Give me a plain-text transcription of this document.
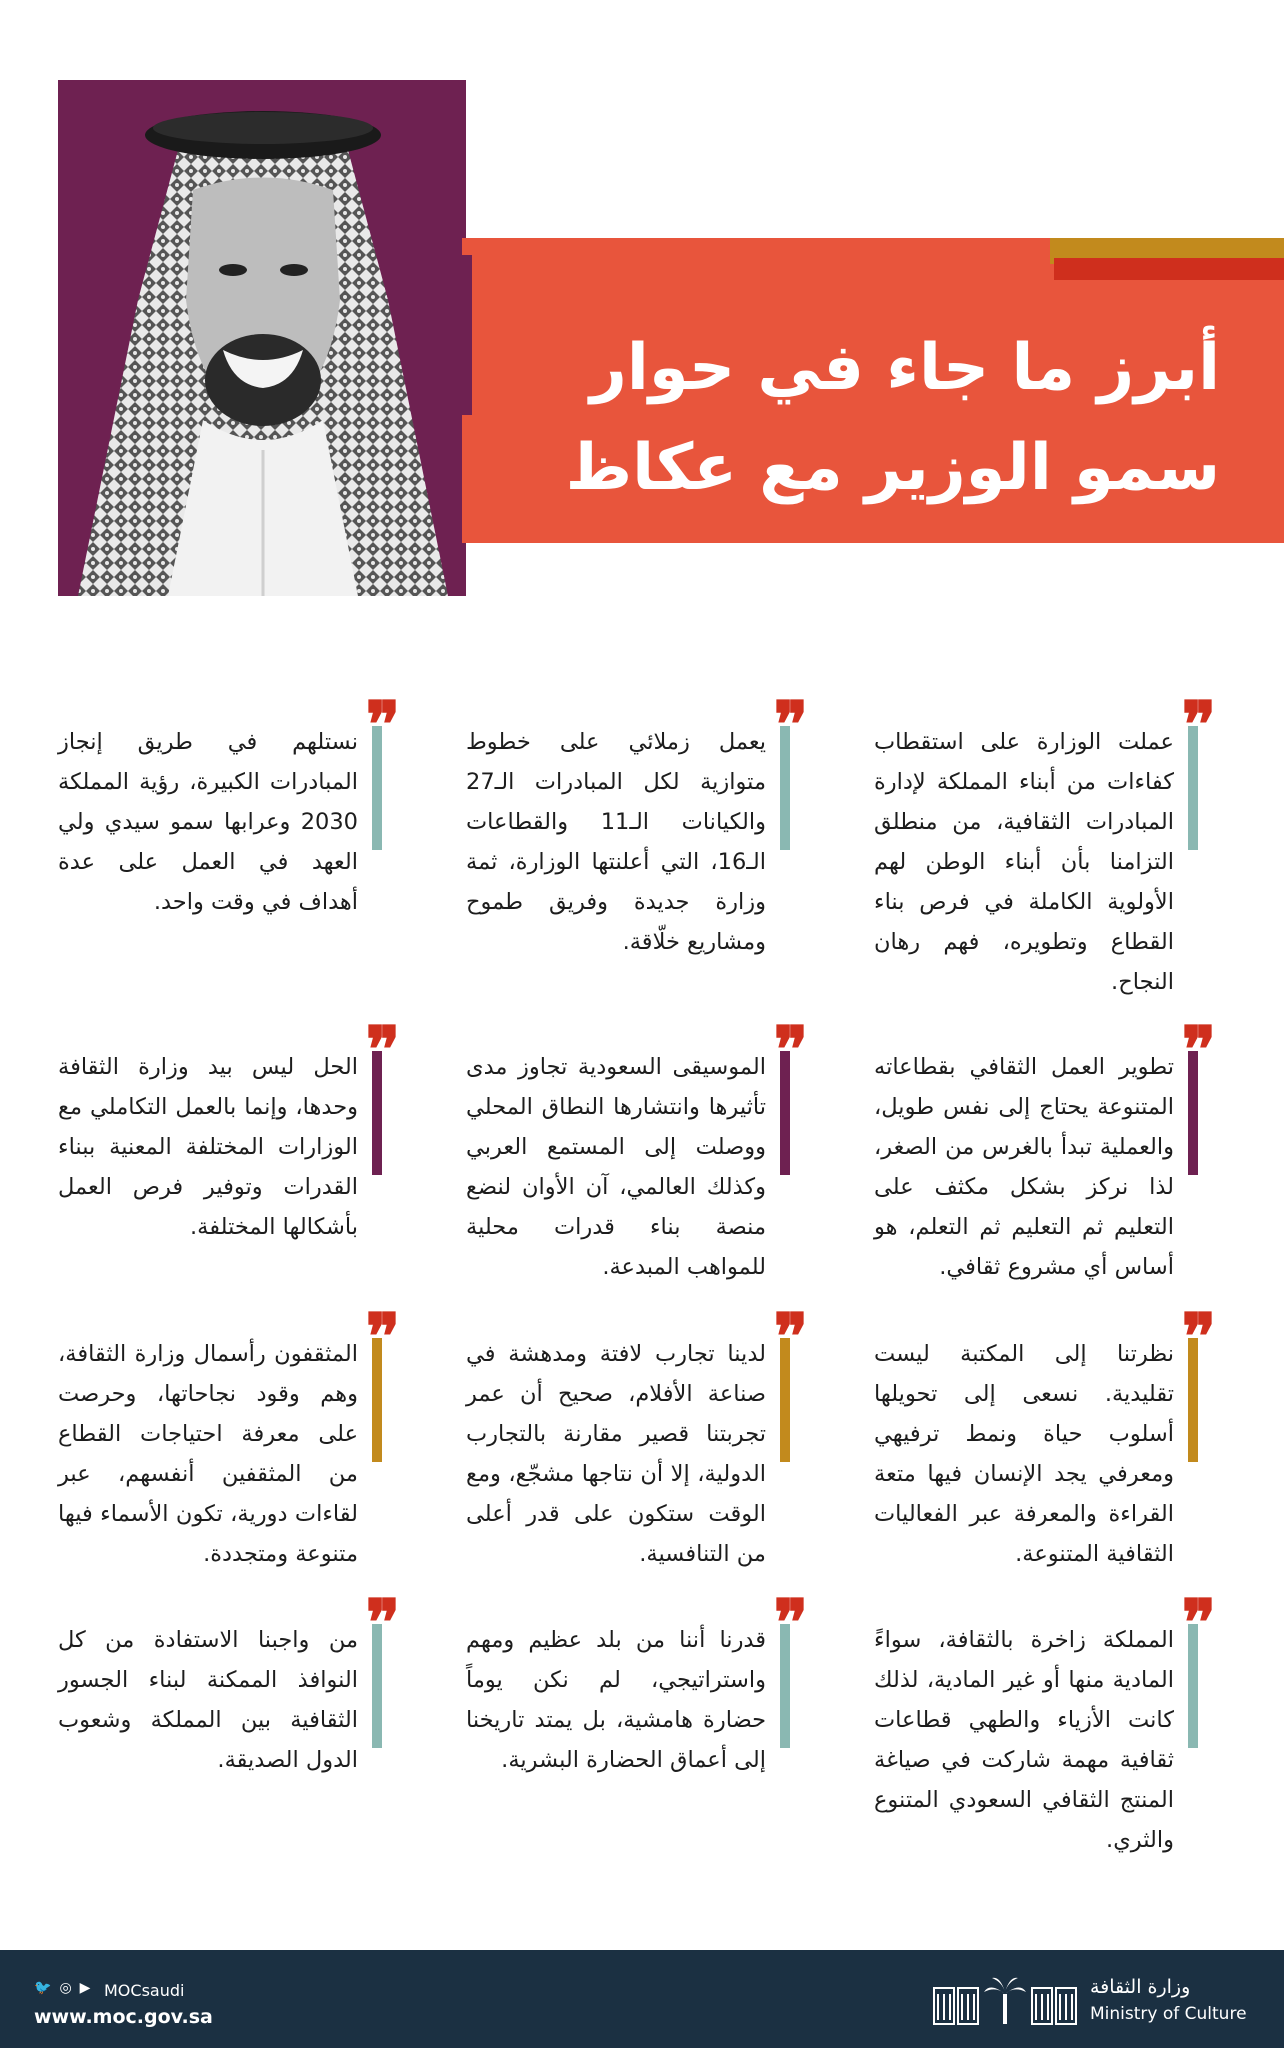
أبرز ما جاء في حوار
سمو الوزير مع عكاظ
❞
عملت الوزارة على استقطاب كفاءات من أبناء المملكة لإدارة المبادرات الثقافية، من منطلق التزامنا بأن أبناء الوطن لهم الأولوية الكاملة في فرص بناء القطاع وتطويره، فهم رهان النجاح.
❞
يعمل زملائي على خطوط متوازية لكل المبادرات الـ27 والكيانات الـ11 والقطاعات الـ16، التي أعلنتها الوزارة، ثمة وزارة جديدة وفريق طموح ومشاريع خلّاقة.
❞
نستلهم في طريق إنجاز المبادرات الكبيرة، رؤية المملكة 2030 وعرابها سمو سيدي ولي العهد في العمل على عدة أهداف في وقت واحد.
❞
تطوير العمل الثقافي بقطاعاته المتنوعة يحتاج إلى نفس طويل، والعملية تبدأ بالغرس من الصغر، لذا نركز بشكل مكثف على التعليم ثم التعليم ثم التعلم، هو أساس أي مشروع ثقافي.
❞
الموسيقى السعودية تجاوز مدى تأثيرها وانتشارها النطاق المحلي ووصلت إلى المستمع العربي وكذلك العالمي، آن الأوان لنضع منصة بناء قدرات محلية للمواهب المبدعة.
❞
الحل ليس بيد وزارة الثقافة وحدها، وإنما بالعمل التكاملي مع الوزارات المختلفة المعنية ببناء القدرات وتوفير فرص العمل بأشكالها المختلفة.
❞
نظرتنا إلى المكتبة ليست تقليدية. نسعى إلى تحويلها أسلوب حياة ونمط ترفيهي ومعرفي يجد الإنسان فيها متعة القراءة والمعرفة عبر الفعاليات الثقافية المتنوعة.
❞
لدينا تجارب لافتة ومدهشة في صناعة الأفلام، صحيح أن عمر تجربتنا قصير مقارنة بالتجارب الدولية، إلا أن نتاجها مشجّع، ومع الوقت ستكون على قدر أعلى من التنافسية.
❞
المثقفون رأسمال وزارة الثقافة، وهم وقود نجاحاتها، وحرصت على معرفة احتياجات القطاع من المثقفين أنفسهم، عبر لقاءات دورية، تكون الأسماء فيها متنوعة ومتجددة.
❞
المملكة زاخرة بالثقافة، سواءً المادية منها أو غير المادية، لذلك كانت الأزياء والطهي قطاعات ثقافية مهمة شاركت في صياغة المنتج الثقافي السعودي المتنوع والثري.
❞
قدرنا أننا من بلد عظيم ومهم واستراتيجي، لم نكن يوماً حضارة هامشية، بل يمتد تاريخنا إلى أعماق الحضارة البشرية.
❞
من واجبنا الاستفادة من كل النوافذ الممكنة لبناء الجسور الثقافية بين المملكة وشعوب الدول الصديقة.
🐦 ◎ ▶ MOCsaudi
www.moc.gov.sa
وزارة الثقافة
Ministry of Culture
